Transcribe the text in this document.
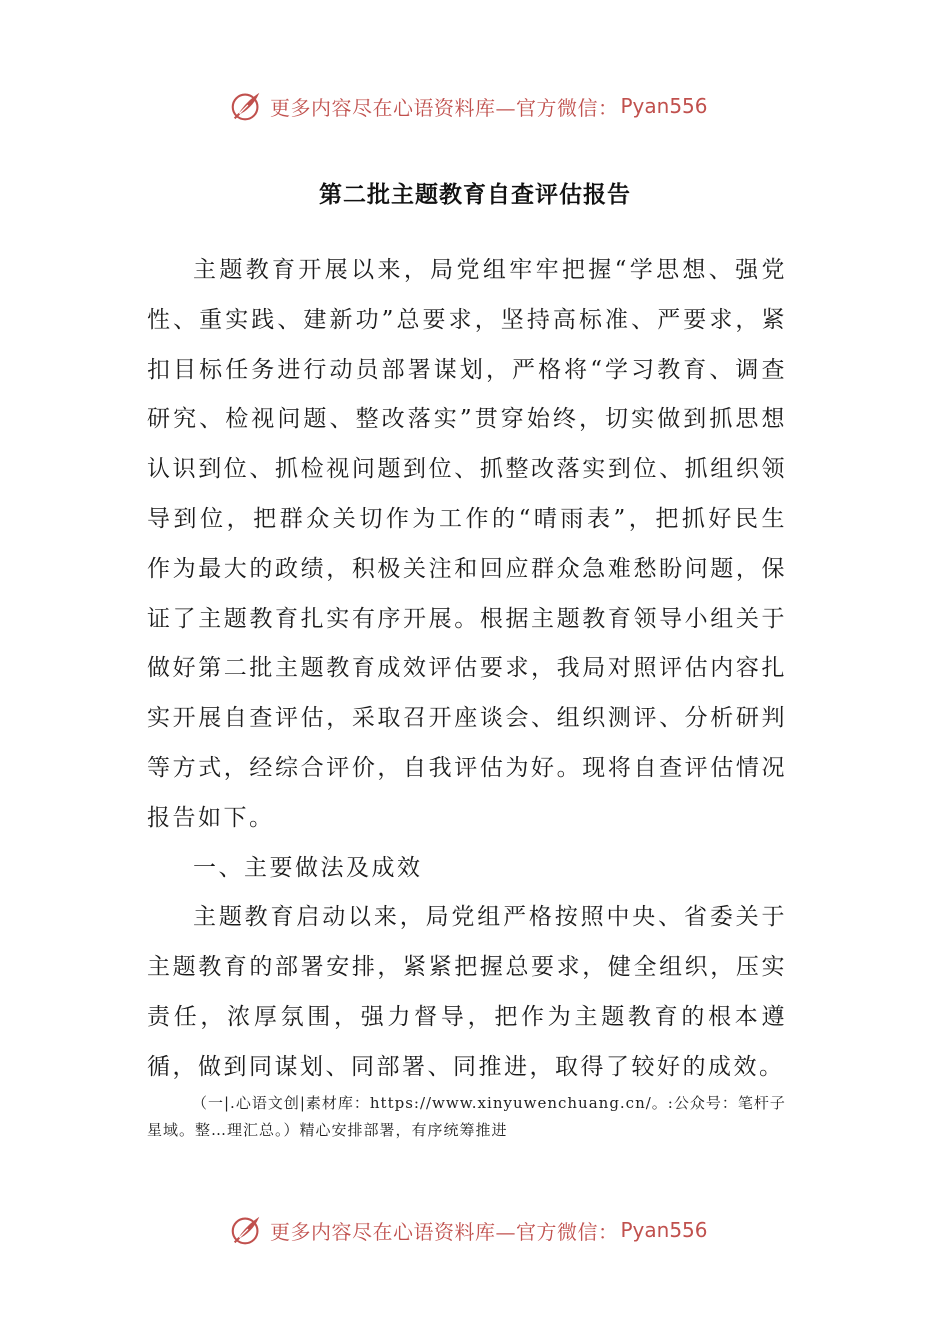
更多内容尽在心语资料库—官方微信： Pyan556
第二批主题教育自查评估报告

主题教育开展以来，局党组牢牢把握“学思想、强党性、重实践、建新功”总要求，坚持高标准、严要求，紧扣目标任务进行动员部署谋划，严格将“学习教育、调查研究、检视问题、整改落实”贯穿始终，切实做到抓思想认识到位、抓检视问题到位、抓整改落实到位、抓组织领导到位，把群众关切作为工作的“晴雨表”，把抓好民生作为最大的政绩，积极关注和回应群众急难愁盼问题，保证了主题教育扎实有序开展。根据主题教育领导小组关于做好第二批主题教育成效评估要求，我局对照评估内容扎实开展自查评估，采取召开座谈会、组织测评、分析研判等方式，经综合评价，自我评估为好。现将自查评估情况报告如下。

一、主要做法及成效

主题教育启动以来，局党组严格按照中央、省委关于主题教育的部署安排，紧紧把握总要求，健全组织，压实责任，浓厚氛围，强力督导，把作为主题教育的根本遵循，做到同谋划、同部署、同推进，取得了较好的成效。

（一|.心语文创|素材库：https://www.xinyuwenchuang.cn/。:公众号：笔杆子星域。整…理汇总。）精心安排部署，有序统筹推进
更多内容尽在心语资料库—官方微信： Pyan556
